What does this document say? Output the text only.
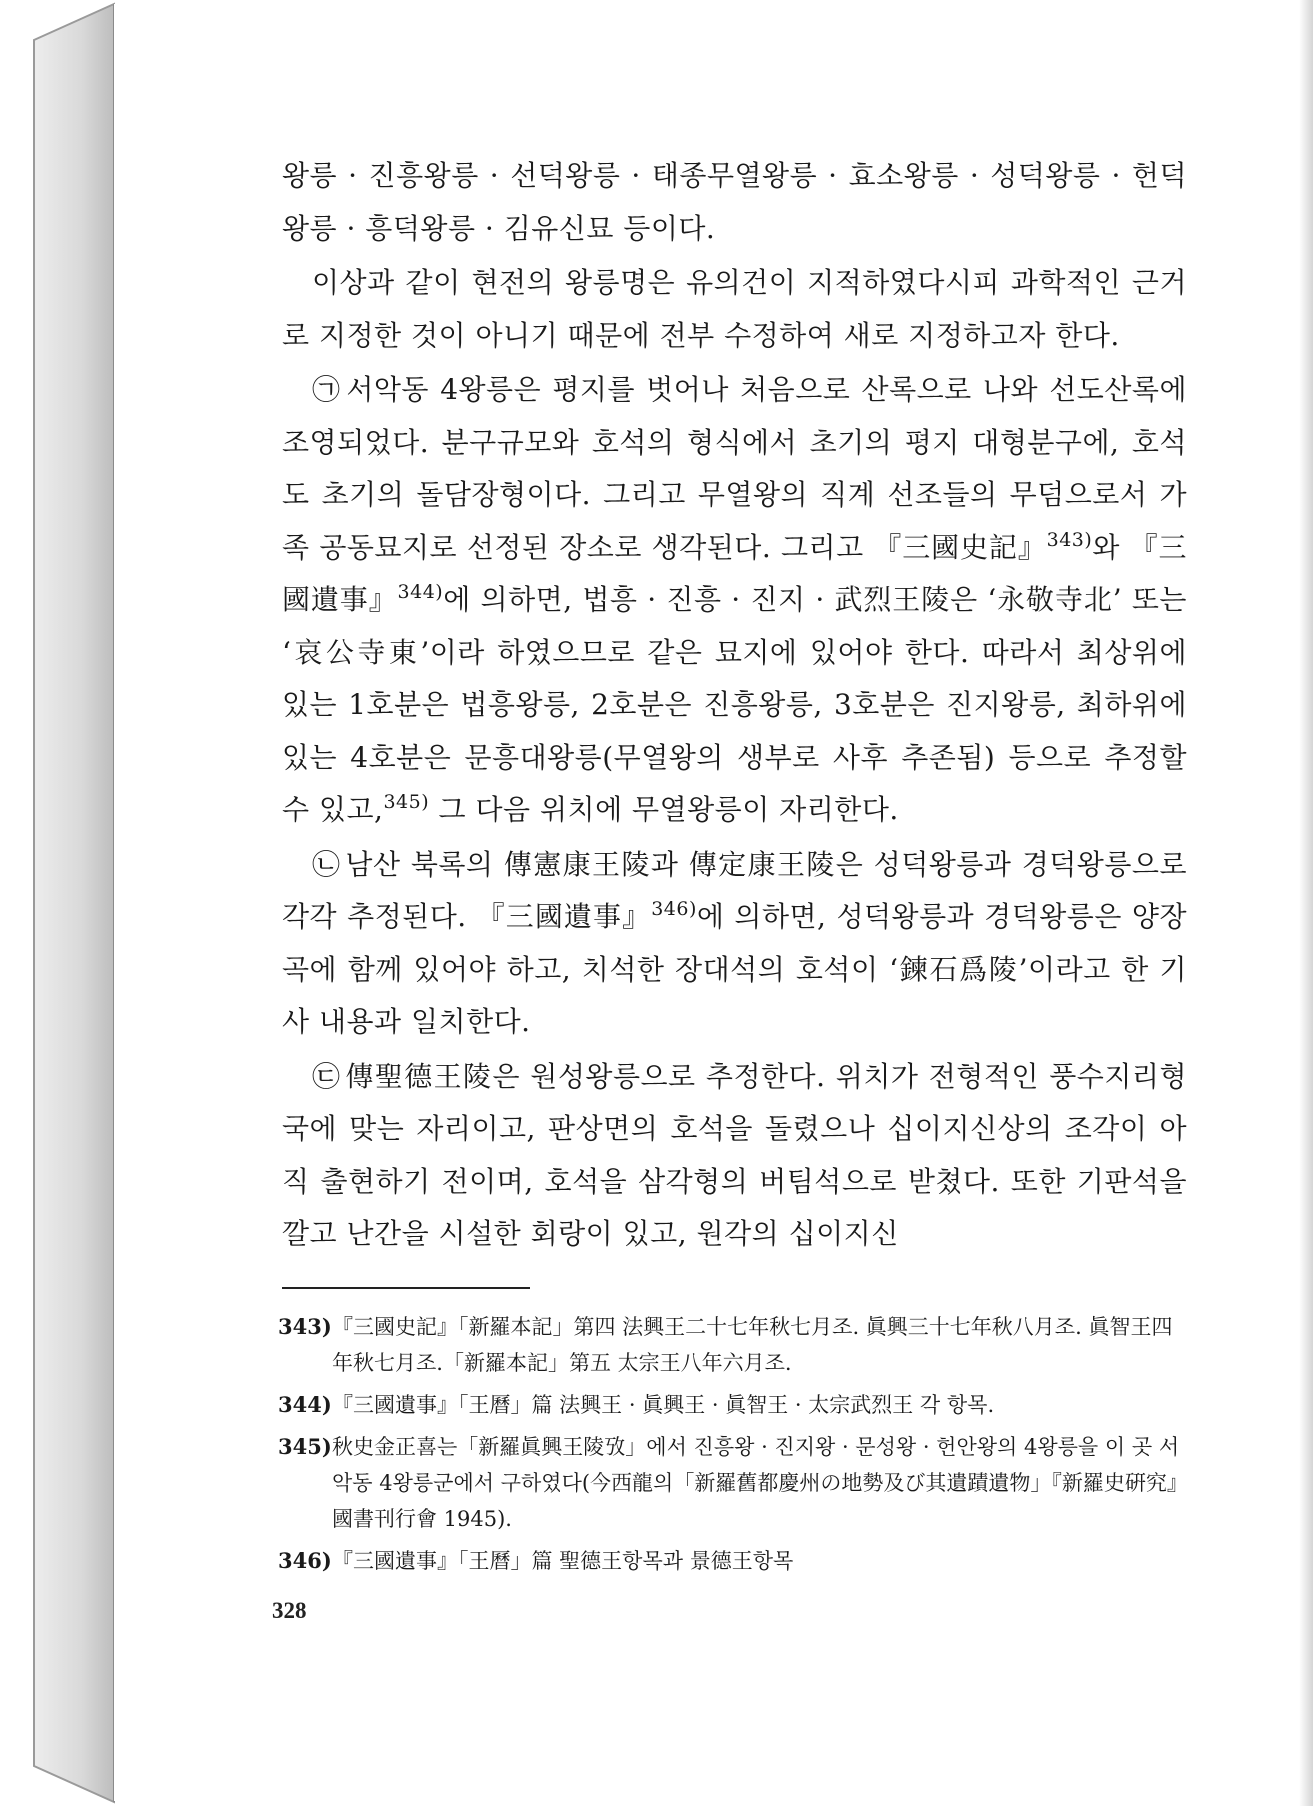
왕릉 · 진흥왕릉 · 선덕왕릉 · 태종무열왕릉 · 효소왕릉 · 성덕왕릉 · 헌덕왕릉 · 흥덕왕릉 · 김유신묘 등이다.

이상과 같이 현전의 왕릉명은 유의건이 지적하였다시피 과학적인 근거로 지정한 것이 아니기 때문에 전부 수정하여 새로 지정하고자 한다.

㉠ 서악동 4왕릉은 평지를 벗어나 처음으로 산록으로 나와 선도산록에 조영되었다. 분구규모와 호석의 형식에서 초기의 평지 대형분구에, 호석도 초기의 돌담장형이다. 그리고 무열왕의 직계 선조들의 무덤으로서 가족 공동묘지로 선정된 장소로 생각된다. 그리고 『三國史記』$^{343)}$와 『三國遺事』$^{344)}$에 의하면, 법흥 · 진흥 · 진지 · 武烈王陵은 ‘永敬寺北’ 또는 ‘哀公寺東’이라 하였으므로 같은 묘지에 있어야 한다. 따라서 최상위에 있는 1호분은 법흥왕릉, 2호분은 진흥왕릉, 3호분은 진지왕릉, 최하위에 있는 4호분은 문흥대왕릉(무열왕의 생부로 사후 추존됨) 등으로 추정할 수 있고,$^{345)}$ 그 다음 위치에 무열왕릉이 자리한다.

㉡ 남산 북록의 傳憲康王陵과 傳定康王陵은 성덕왕릉과 경덕왕릉으로 각각 추정된다. 『三國遺事』$^{346)}$에 의하면, 성덕왕릉과 경덕왕릉은 양장곡에 함께 있어야 하고, 치석한 장대석의 호석이 ‘鍊石爲陵’이라고 한 기사 내용과 일치한다.

㉢ 傳聖德王陵은 원성왕릉으로 추정한다. 위치가 전형적인 풍수지리형국에 맞는 자리이고, 판상면의 호석을 돌렸으나 십이지신상의 조각이 아직 출현하기 전이며, 호석을 삼각형의 버팀석으로 받쳤다. 또한 기판석을 깔고 난간을 시설한 회랑이 있고, 원각의 십이지신

343) 『三國史記』「新羅本記」第四 法興王二十七年秋七月조. 眞興三十七年秋八月조. 眞智王四年秋七月조.「新羅本記」第五 太宗王八年六月조.
344) 『三國遺事』「王曆」篇 法興王 · 眞興王 · 眞智王 · 太宗武烈王 각 항목.
345) 秋史金正喜는「新羅眞興王陵攷」에서 진흥왕 · 진지왕 · 문성왕 · 헌안왕의 4왕릉을 이 곳 서악동 4왕릉군에서 구하였다(今西龍의「新羅舊都慶州の地勢及び其遺蹟遺物」『新羅史硏究』國書刊行會 1945).
346) 『三國遺事』「王曆」篇 聖德王항목과 景德王항목
328
